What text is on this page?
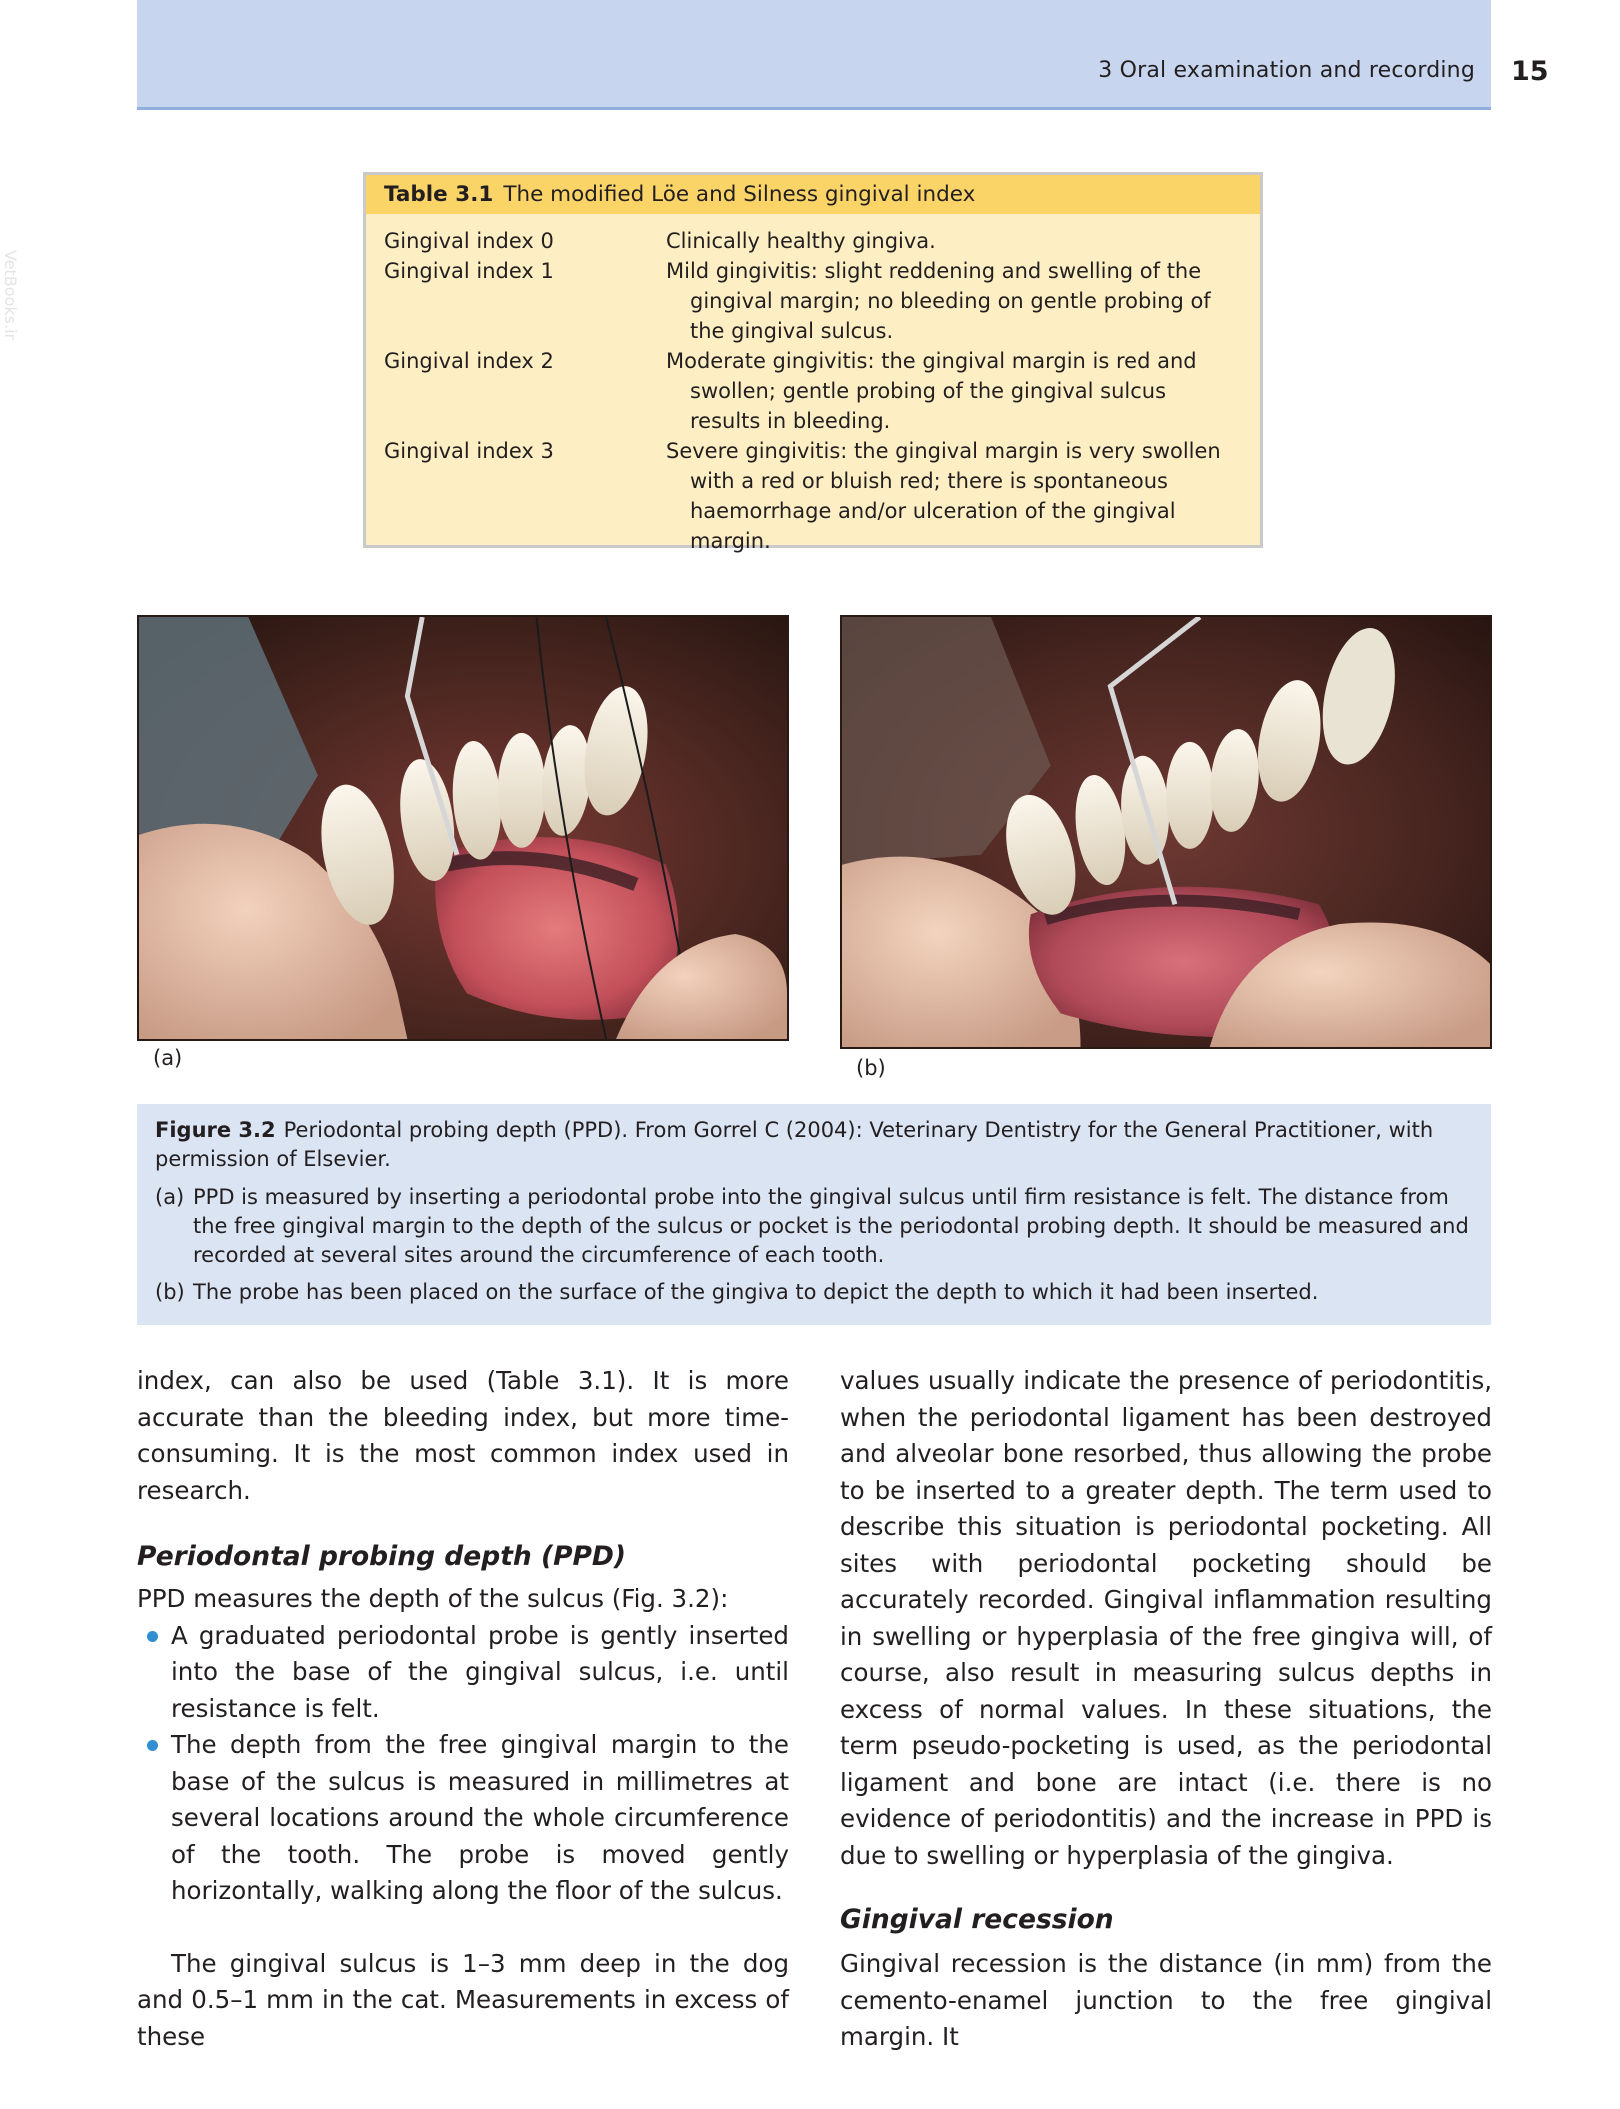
3 Oral examination and recording 15
VetBooks.ir
Table 3.1 The modified Löe and Silness gingival index
Gingival index 0	Clinically healthy gingiva.
Gingival index 1	Mild gingivitis: slight reddening and swelling of the gingival margin; no bleeding on gentle probing of the gingival sulcus.
Gingival index 2	Moderate gingivitis: the gingival margin is red and swollen; gentle probing of the gingival sulcus results in bleeding.
Gingival index 3	Severe gingivitis: the gingival margin is very swollen with a red or bluish red; there is spontaneous haemorrhage and/or ulceration of the gingival margin.
(a)	(b)
Figure 3.2 Periodontal probing depth (PPD). From Gorrel C (2004): Veterinary Dentistry for the General Practitioner, with permission of Elsevier.
(a) PPD is measured by inserting a periodontal probe into the gingival sulcus until firm resistance is felt. The distance from the free gingival margin to the depth of the sulcus or pocket is the periodontal probing depth. It should be measured and recorded at several sites around the circumference of each tooth.
(b) The probe has been placed on the surface of the gingiva to depict the depth to which it had been inserted.

index, can also be used (Table 3.1). It is more accurate than the bleeding index, but more time-consuming. It is the most common index used in research.

Periodontal probing depth (PPD)

PPD measures the depth of the sulcus (Fig. 3.2):

A graduated periodontal probe is gently inserted into the base of the gingival sulcus, i.e. until resistance is felt.
The depth from the free gingival margin to the base of the sulcus is measured in millimetres at several locations around the whole circumference of the tooth. The probe is moved gently horizontally, walking along the floor of the sulcus.

The gingival sulcus is 1–3 mm deep in the dog and 0.5–1 mm in the cat. Measurements in excess of these

values usually indicate the presence of periodontitis, when the periodontal ligament has been destroyed and alveolar bone resorbed, thus allowing the probe to be inserted to a greater depth. The term used to describe this situation is periodontal pocketing. All sites with periodontal pocketing should be accurately recorded. Gingival inflammation resulting in swelling or hyperplasia of the free gingiva will, of course, also result in measuring sulcus depths in excess of normal values. In these situations, the term pseudo-pocketing is used, as the periodontal ligament and bone are intact (i.e. there is no evidence of periodontitis) and the increase in PPD is due to swelling or hyperplasia of the gingiva.

Gingival recession

Gingival recession is the distance (in mm) from the cemento-enamel junction to the free gingival margin. It
